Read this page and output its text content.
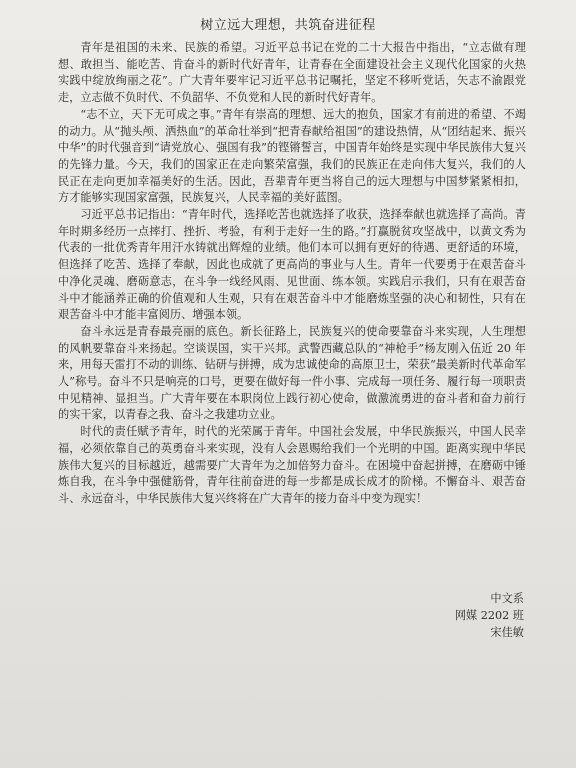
树立远大理想，共筑奋进征程

青年是祖国的未来、民族的希望。习近平总书记在党的二十大报告中指出，“立志做有理想、敢担当、能吃苦、肯奋斗的新时代好青年，让青春在全面建设社会主义现代化国家的火热实践中绽放绚丽之花”。广大青年要牢记习近平总书记嘱托，坚定不移听党话，矢志不渝跟党走，立志做不负时代、不负韶华、不负党和人民的新时代好青年。

“志不立，天下无可成之事。”青年有崇高的理想、远大的抱负，国家才有前进的希望、不竭的动力。从“抛头颅、洒热血”的革命壮举到“把青春献给祖国”的建设热情，从“团结起来、振兴中华”的时代强音到“请党放心、强国有我”的铿锵誓言，中国青年始终是实现中华民族伟大复兴的先锋力量。今天，我们的国家正在走向繁荣富强，我们的民族正在走向伟大复兴，我们的人民正在走向更加幸福美好的生活。因此，吾辈青年更当将自己的远大理想与中国梦紧紧相扣，方才能够实现国家富强，民族复兴，人民幸福的美好蓝图。

习近平总书记指出：“青年时代，选择吃苦也就选择了收获，选择奉献也就选择了高尚。青年时期多经历一点摔打、挫折、考验，有利于走好一生的路。”打赢脱贫攻坚战中，以黄文秀为代表的一批优秀青年用汗水铸就出辉煌的业绩。他们本可以拥有更好的待遇、更舒适的环境，但选择了吃苦、选择了奉献，因此也成就了更高尚的事业与人生。青年一代要勇于在艰苦奋斗中净化灵魂、磨砺意志，在斗争一线经风雨、见世面、练本领。实践启示我们，只有在艰苦奋斗中才能涵养正确的价值观和人生观，只有在艰苦奋斗中才能磨炼坚强的决心和韧性，只有在艰苦奋斗中才能丰富阅历、增强本领。

奋斗永远是青春最亮丽的底色。新长征路上，民族复兴的使命要靠奋斗来实现，人生理想的风帆要靠奋斗来扬起。空谈误国，实干兴邦。武警西藏总队的“神枪手”杨友刚入伍近 20 年来，用每天雷打不动的训练、钻研与拼搏，成为忠诚使命的高原卫士，荣获“最美新时代革命军人”称号。奋斗不只是响亮的口号，更要在做好每一件小事、完成每一项任务、履行每一项职责中见精神、显担当。广大青年要在本职岗位上践行初心使命，做激流勇进的奋斗者和奋力前行的实干家，以青春之我、奋斗之我建功立业。

时代的责任赋予青年，时代的光荣属于青年。中国社会发展，中华民族振兴，中国人民幸福，必须依靠自己的英勇奋斗来实现，没有人会恩赐给我们一个光明的中国。距离实现中华民族伟大复兴的目标越近，越需要广大青年为之加倍努力奋斗。在困境中奋起拼搏，在磨砺中锤炼自我，在斗争中强健筋骨，青年往前奋进的每一步都是成长成才的阶梯。不懈奋斗、艰苦奋斗、永远奋斗，中华民族伟大复兴终将在广大青年的接力奋斗中变为现实！

中文系
网媒 2202 班
宋佳敏
